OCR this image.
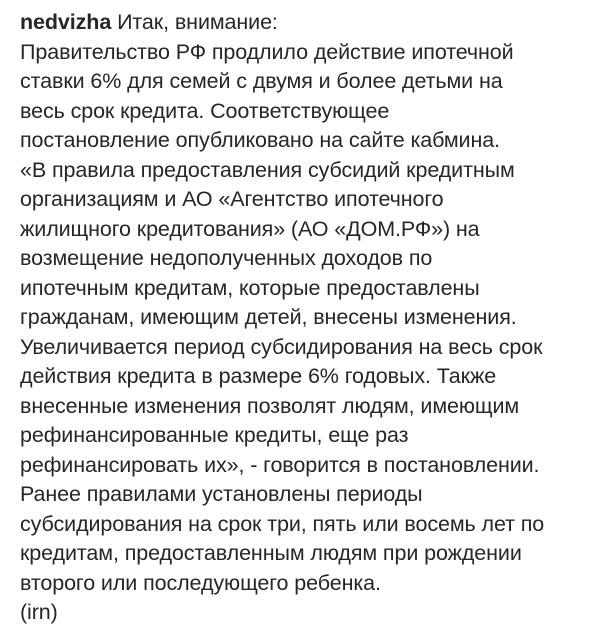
nedvizha Итак, внимание:
Правительство РФ продлило действие ипотечной
ставки 6% для семей с двумя и более детьми на
весь срок кредита. Соответствующее
постановление опубликовано на сайте кабмина.
«В правила предоставления субсидий кредитным
организациям и АО «Агентство ипотечного
жилищного кредитования» (АО «ДОМ.РФ») на
возмещение недополученных доходов по
ипотечным кредитам, которые предоставлены
гражданам, имеющим детей, внесены изменения.
Увеличивается период субсидирования на весь срок
действия кредита в размере 6% годовых. Также
внесенные изменения позволят людям, имеющим
рефинансированные кредиты, еще раз
рефинансировать их», - говорится в постановлении.
Ранее правилами установлены периоды
субсидирования на срок три, пять или восемь лет по
кредитам, предоставленным людям при рождении
второго или последующего ребенка.
(irn)
